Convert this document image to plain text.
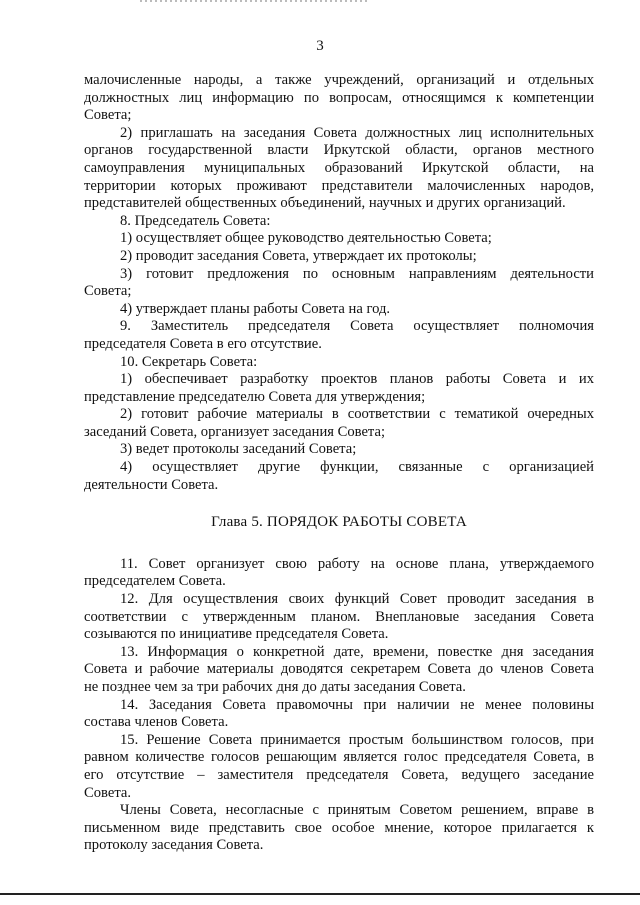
3
малочисленные народы, а также учреждений, организаций и отдельных
должностных лиц информацию по вопросам, относящимся к компетенции
Совета;
2) приглашать на заседания Совета должностных лиц исполнительных
органов государственной власти Иркутской области, органов местного
самоуправления муниципальных образований Иркутской области, на
территории которых проживают представители малочисленных народов,
представителей общественных объединений, научных и других организаций.
8. Председатель Совета:
1) осуществляет общее руководство деятельностью Совета;
2) проводит заседания Совета, утверждает их протоколы;
3) готовит предложения по основным направлениям деятельности
Совета;
4) утверждает планы работы Совета на год.
9. Заместитель председателя Совета осуществляет полномочия
председателя Совета в его отсутствие.
10. Секретарь Совета:
1) обеспечивает разработку проектов планов работы Совета и их
представление председателю Совета для утверждения;
2) готовит рабочие материалы в соответствии с тематикой очередных
заседаний Совета, организует заседания Совета;
3) ведет протоколы заседаний Совета;
4) осуществляет другие функции, связанные с организацией
деятельности Совета.
Глава 5. ПОРЯДОК РАБОТЫ СОВЕТА
11. Совет организует свою работу на основе плана, утверждаемого
председателем Совета.
12. Для осуществления своих функций Совет проводит заседания в
соответствии с утвержденным планом. Внеплановые заседания Совета
созываются по инициативе председателя Совета.
13. Информация о конкретной дате, времени, повестке дня заседания
Совета и рабочие материалы доводятся секретарем Совета до членов Совета
не позднее чем за три рабочих дня до даты заседания Совета.
14. Заседания Совета правомочны при наличии не менее половины
состава членов Совета.
15. Решение Совета принимается простым большинством голосов, при
равном количестве голосов решающим является голос председателя Совета, в
его отсутствие – заместителя председателя Совета, ведущего заседание
Совета.
Члены Совета, несогласные с принятым Советом решением, вправе в
письменном виде представить свое особое мнение, которое прилагается к
протоколу заседания Совета.
